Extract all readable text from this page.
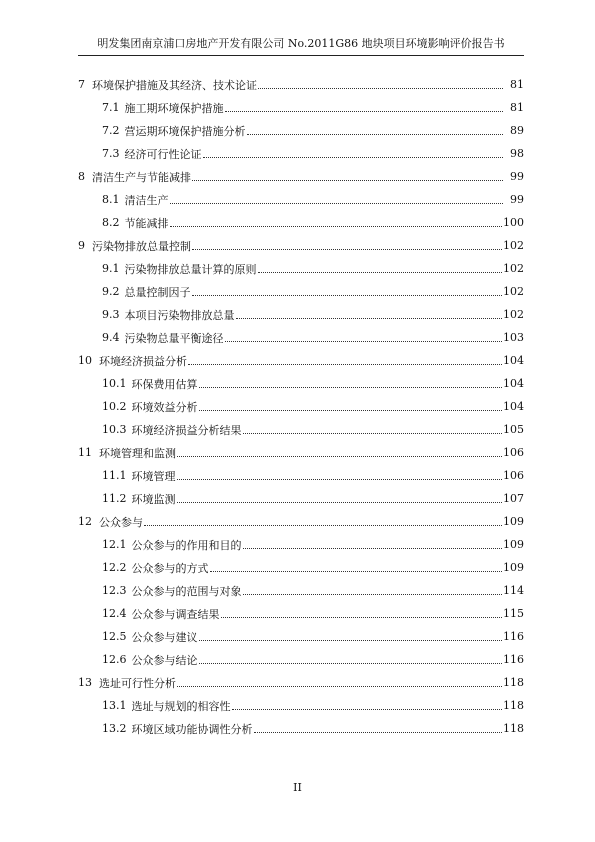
明发集团南京浦口房地产开发有限公司 No.2011G86 地块项目环境影响评价报告书
7 环境保护措施及其经济、技术论证	81
7.1 施工期环境保护措施	81
7.2 营运期环境保护措施分析	89
7.3 经济可行性论证	98
8 清洁生产与节能减排	99
8.1 清洁生产	99
8.2 节能减排	100
9 污染物排放总量控制	102
9.1 污染物排放总量计算的原则	102
9.2 总量控制因子	102
9.3 本项目污染物排放总量	102
9.4 污染物总量平衡途径	103
10 环境经济损益分析	104
10.1 环保费用估算	104
10.2 环境效益分析	104
10.3 环境经济损益分析结果	105
11 环境管理和监测	106
11.1 环境管理	106
11.2 环境监测	107
12 公众参与	109
12.1 公众参与的作用和目的	109
12.2 公众参与的方式	109
12.3 公众参与的范围与对象	114
12.4 公众参与调查结果	115
12.5 公众参与建议	116
12.6 公众参与结论	116
13 选址可行性分析	118
13.1 选址与规划的相容性	118
13.2 环境区域功能协调性分析	118
II
